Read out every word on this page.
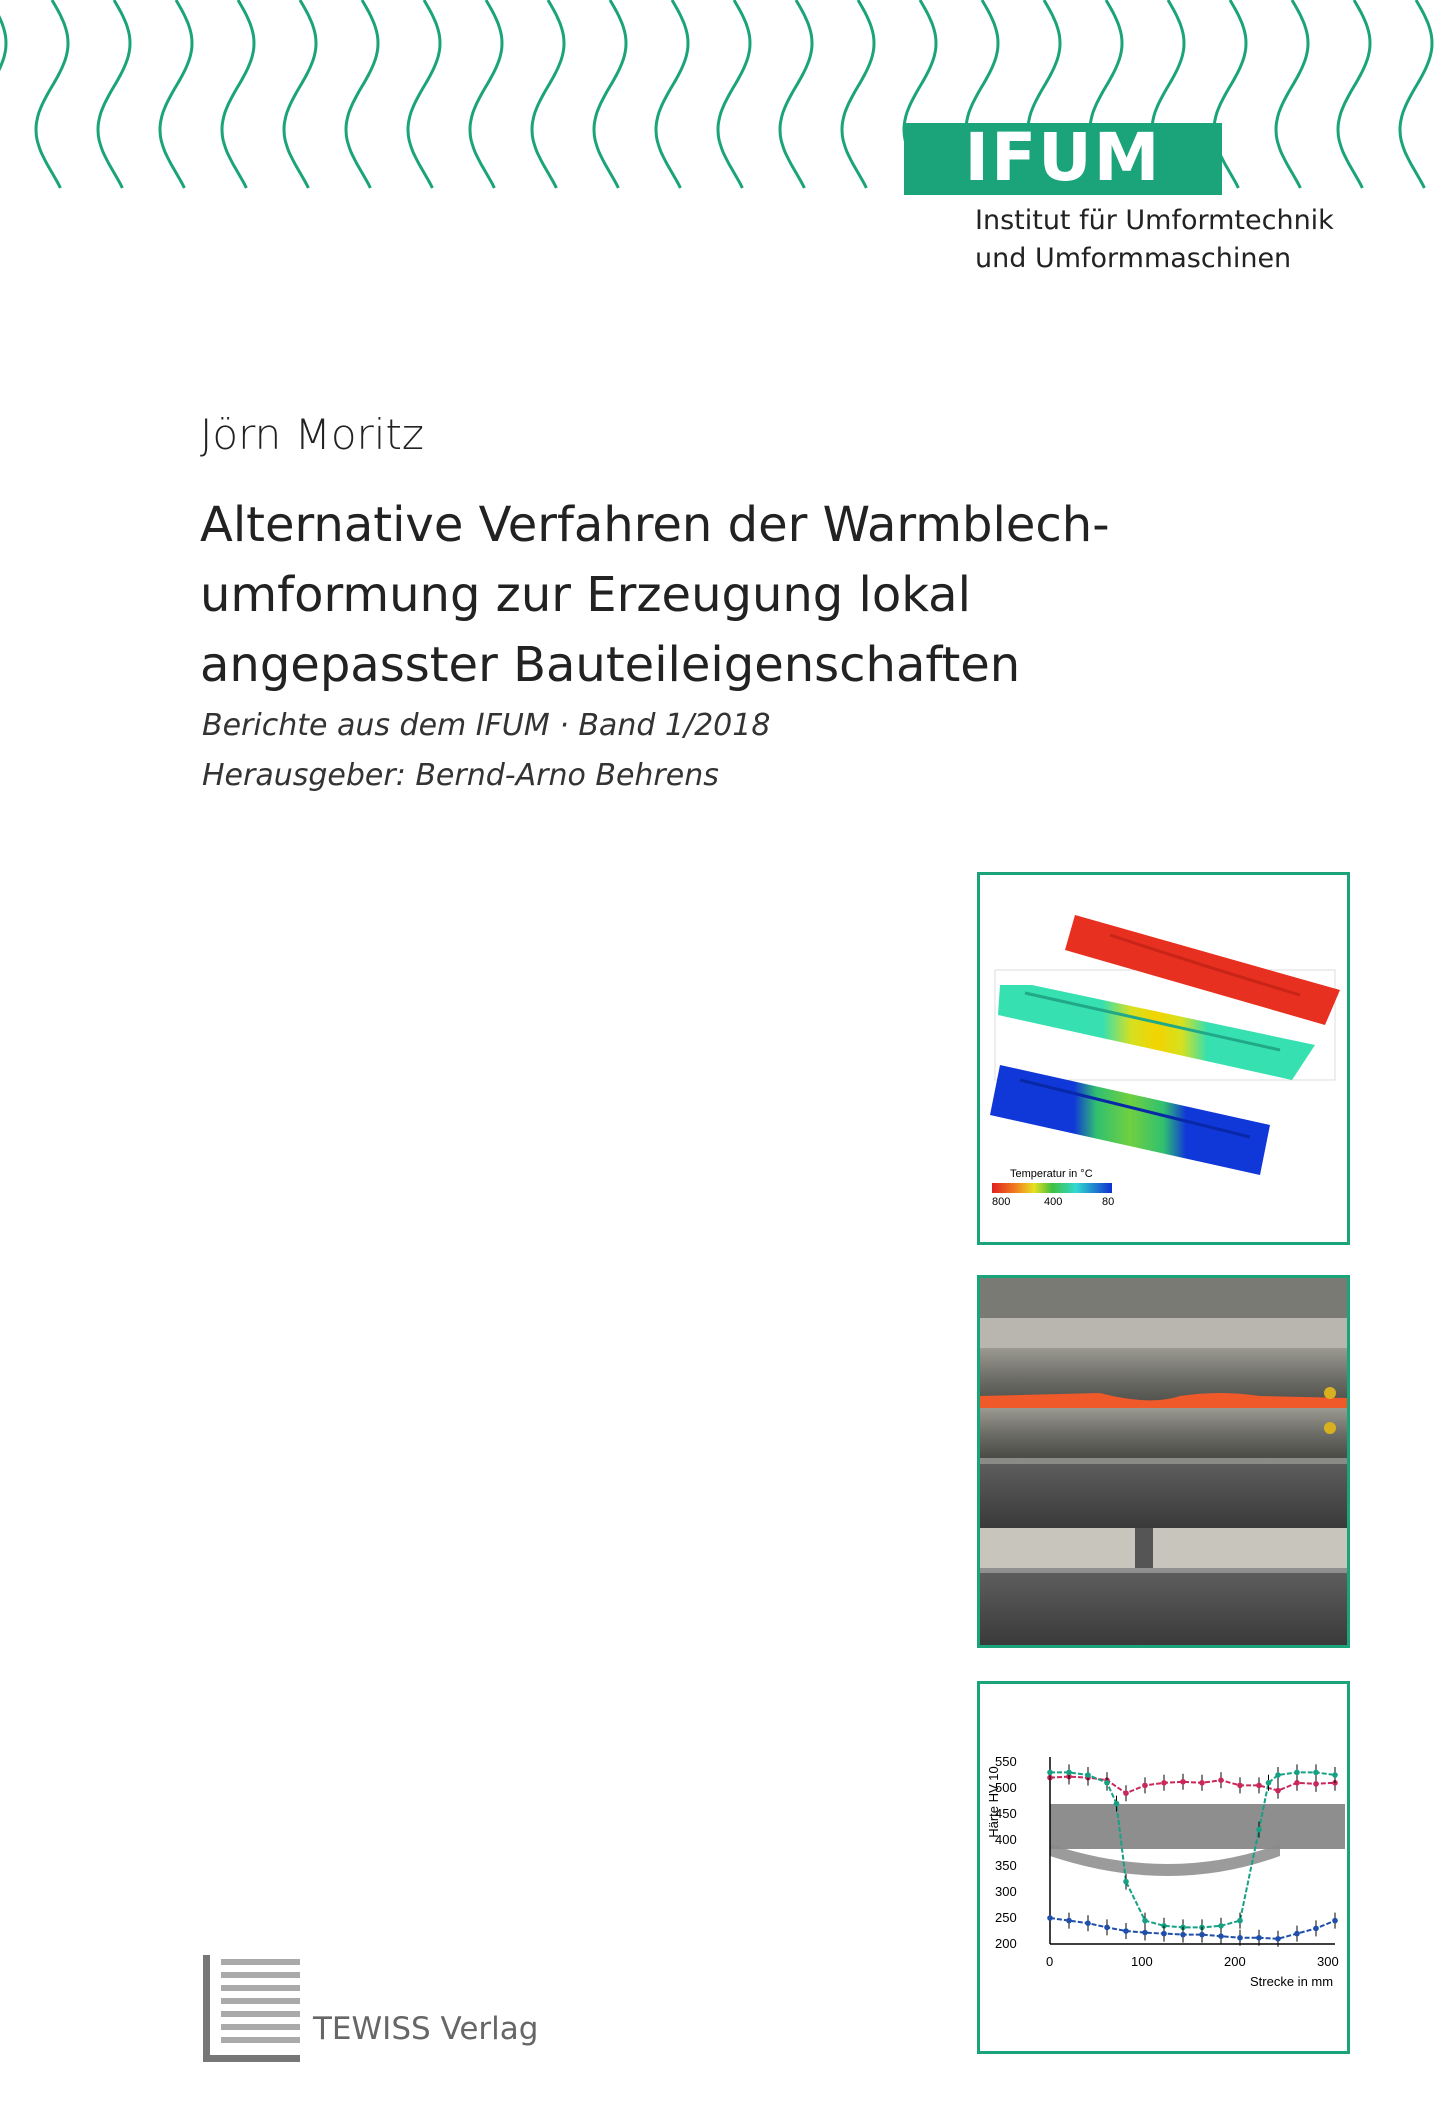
IFUM
Institut für Umformtechnik
und Umformmaschinen
Jörn Moritz
Alternative Verfahren der Warmblech-
umformung zur Erzeugung lokal
angepasster Bauteileigenschaften
Berichte aus dem IFUM · Band 1/2018
Herausgeber: Bernd-Arno Behrens
Temperatur in °C
800	400	80
Härte HV 10
Strecke in mm
550
500
450
400
350
300
250
200
0	100	200	300
TEWISS Verlag
